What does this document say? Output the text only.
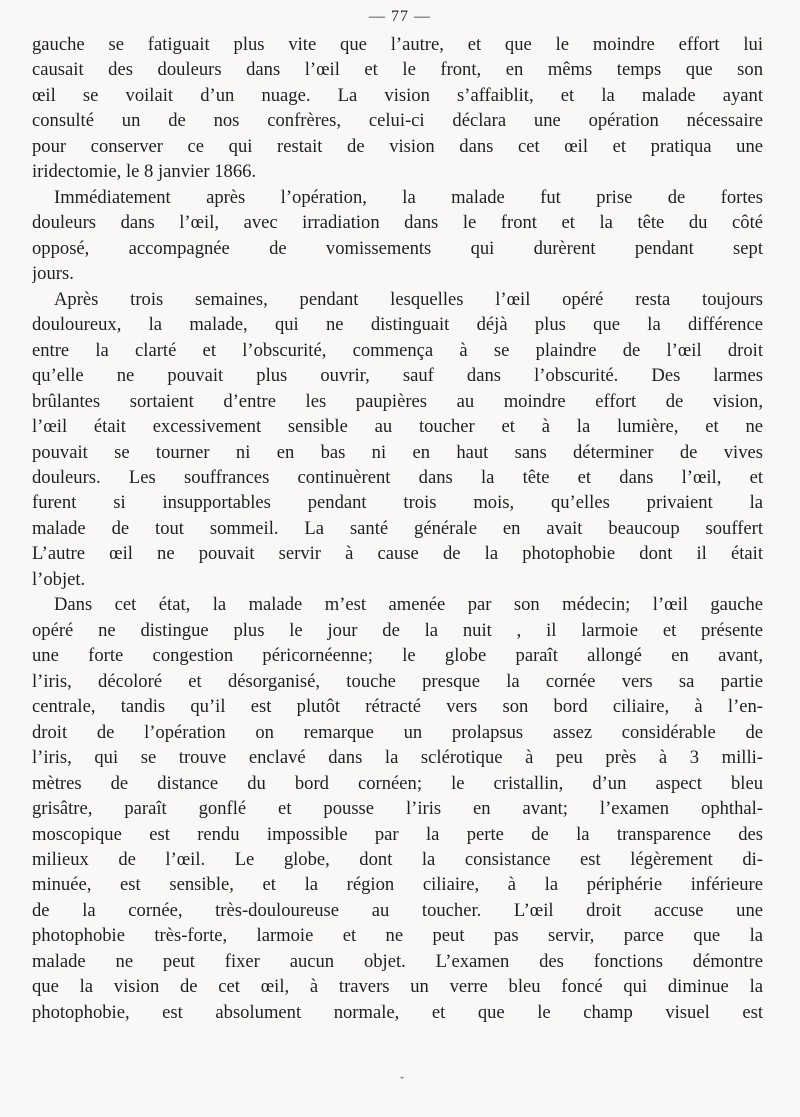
— 77 —
gauche se fatiguait plus vite que l’autre, et que le moindre effort lui
causait des douleurs dans l’œil et le front, en mêms temps que son
œil se voilait d’un nuage. La vision s’affaiblit, et la malade ayant
consulté un de nos confrères, celui-ci déclara une opération nécessaire
pour conserver ce qui restait de vision dans cet œil et pratiqua une
iridectomie, le 8 janvier 1866.
Immédiatement après l’opération, la malade fut prise de fortes
douleurs dans l’œil, avec irradiation dans le front et la tête du côté
opposé, accompagnée de vomissements qui durèrent pendant sept
jours.
Après trois semaines, pendant lesquelles l’œil opéré resta toujours
douloureux, la malade, qui ne distinguait déjà plus que la différence
entre la clarté et l’obscurité, commença à se plaindre de l’œil droit
qu’elle ne pouvait plus ouvrir, sauf dans l’obscurité. Des larmes
brûlantes sortaient d’entre les paupières au moindre effort de vision,
l’œil était excessivement sensible au toucher et à la lumière, et ne
pouvait se tourner ni en bas ni en haut sans déterminer de vives
douleurs. Les souffrances continuèrent dans la tête et dans l’œil, et
furent si insupportables pendant trois mois, qu’elles privaient la
malade de tout sommeil. La santé générale en avait beaucoup souffert
L’autre œil ne pouvait servir à cause de la photophobie dont il était
l’objet.
Dans cet état, la malade m’est amenée par son médecin; l’œil gauche
opéré ne distingue plus le jour de la nuit , il larmoie et présente
une forte congestion péricornéenne; le globe paraît allongé en avant,
l’iris, décoloré et désorganisé, touche presque la cornée vers sa partie
centrale, tandis qu’il est plutôt rétracté vers son bord ciliaire, à l’en-
droit de l’opération on remarque un prolapsus assez considérable de
l’iris, qui se trouve enclavé dans la sclérotique à peu près à 3 milli-
mètres de distance du bord cornéen; le cristallin, d’un aspect bleu
grisâtre, paraît gonflé et pousse l’iris en avant; l’examen ophthal-
moscopique est rendu impossible par la perte de la transparence des
milieux de l’œil. Le globe, dont la consistance est légèrement di-
minuée, est sensible, et la région ciliaire, à la périphérie inférieure
de la cornée, très-douloureuse au toucher. L’œil droit accuse une
photophobie très-forte, larmoie et ne peut pas servir, parce que la
malade ne peut fixer aucun objet. L’examen des fonctions démontre
que la vision de cet œil, à travers un verre bleu foncé qui diminue la
photophobie, est absolument normale, et que le champ visuel est
ˇ
